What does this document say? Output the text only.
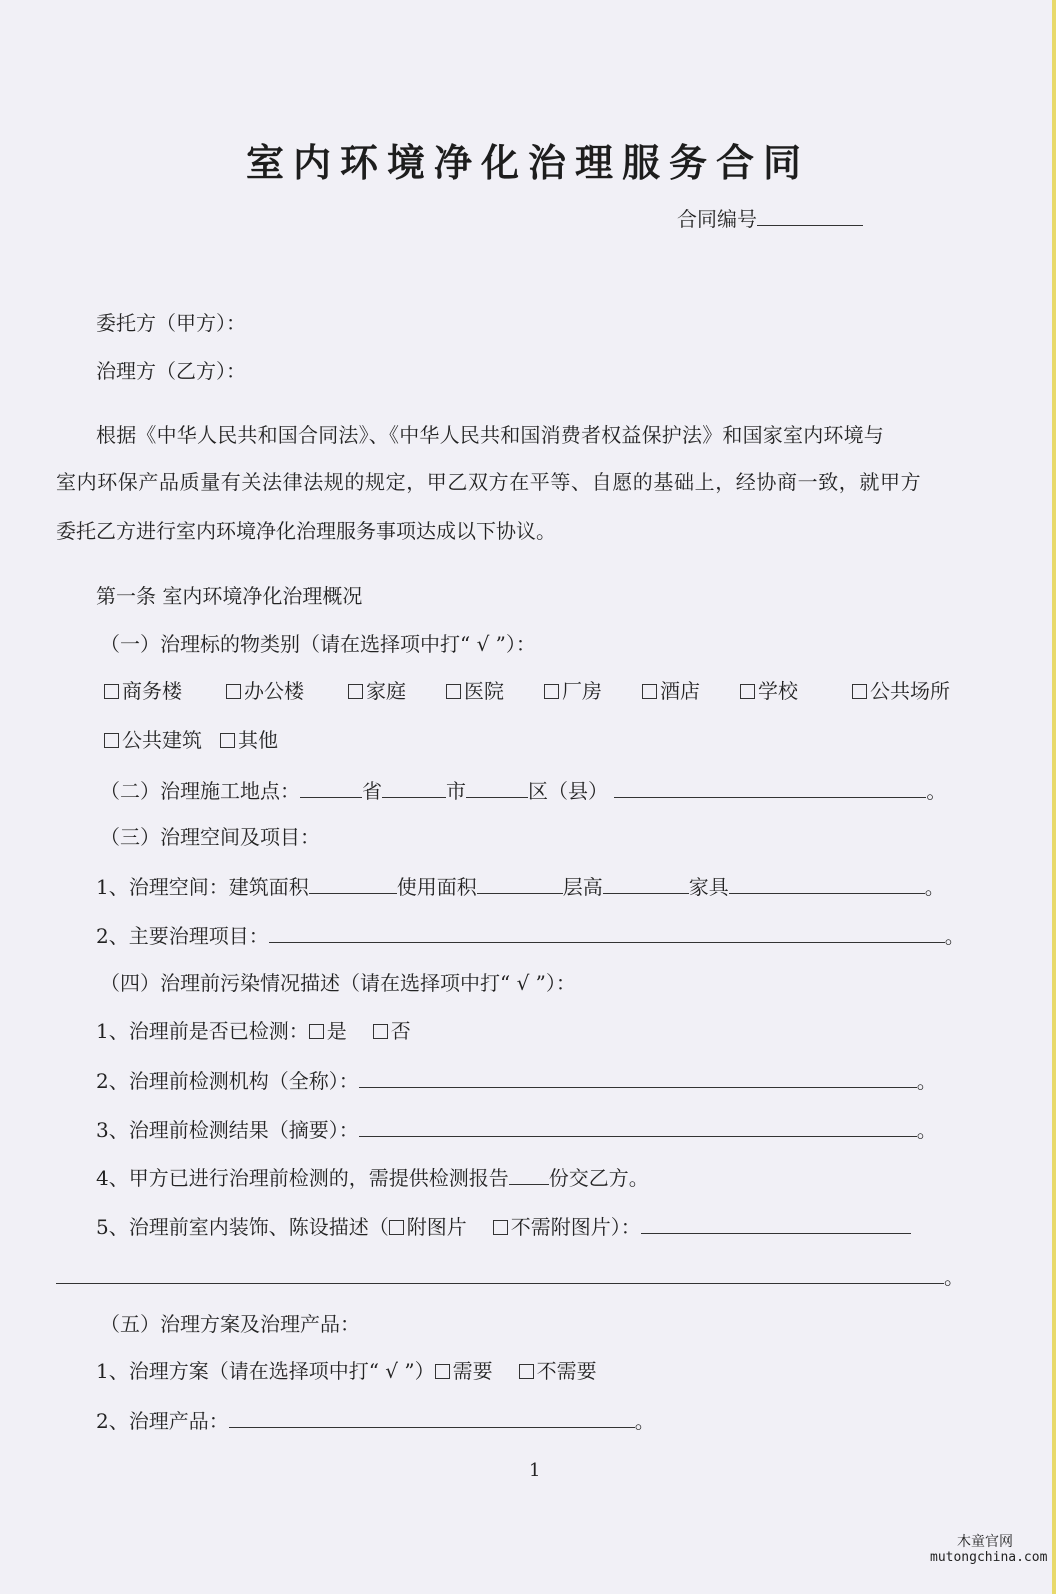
室内环境净化治理服务合同
合同编号
委托方（甲方）：
治理方（乙方）：
根据《中华人民共和国合同法》、《中华人民共和国消费者权益保护法》和国家室内环境与
室内环保产品质量有关法律法规的规定，甲乙双方在平等、自愿的基础上，经协商一致，就甲方
委托乙方进行室内环境净化治理服务事项达成以下协议。
第一条 室内环境净化治理概况
（一）治理标的物类别（请在选择项中打“ √ ”）：
商务楼	办公楼	家庭	医院	厂房	酒店	学校	公共场所
公共建筑 其他
（二）治理施工地点：	省	市	区（县）	。
（三）治理空间及项目：
1、治理空间：建筑面积	使用面积	层高	家具	。
2、主要治理项目：	。
（四）治理前污染情况描述（请在选择项中打“ √ ”）：
1、治理前是否已检测： 是 否
2、治理前检测机构（全称）：	。
3、治理前检测结果（摘要）：	。
4、甲方已进行治理前检测的，需提供检测报告 份交乙方。
5、治理前室内装饰、陈设描述（ 附图片 不需附图片）：
。
（五）治理方案及治理产品：
1、治理方案（请在选择项中打“ √ ”） 需要 不需要
2、治理产品：	。
1
木童官网
mutongchina.com
